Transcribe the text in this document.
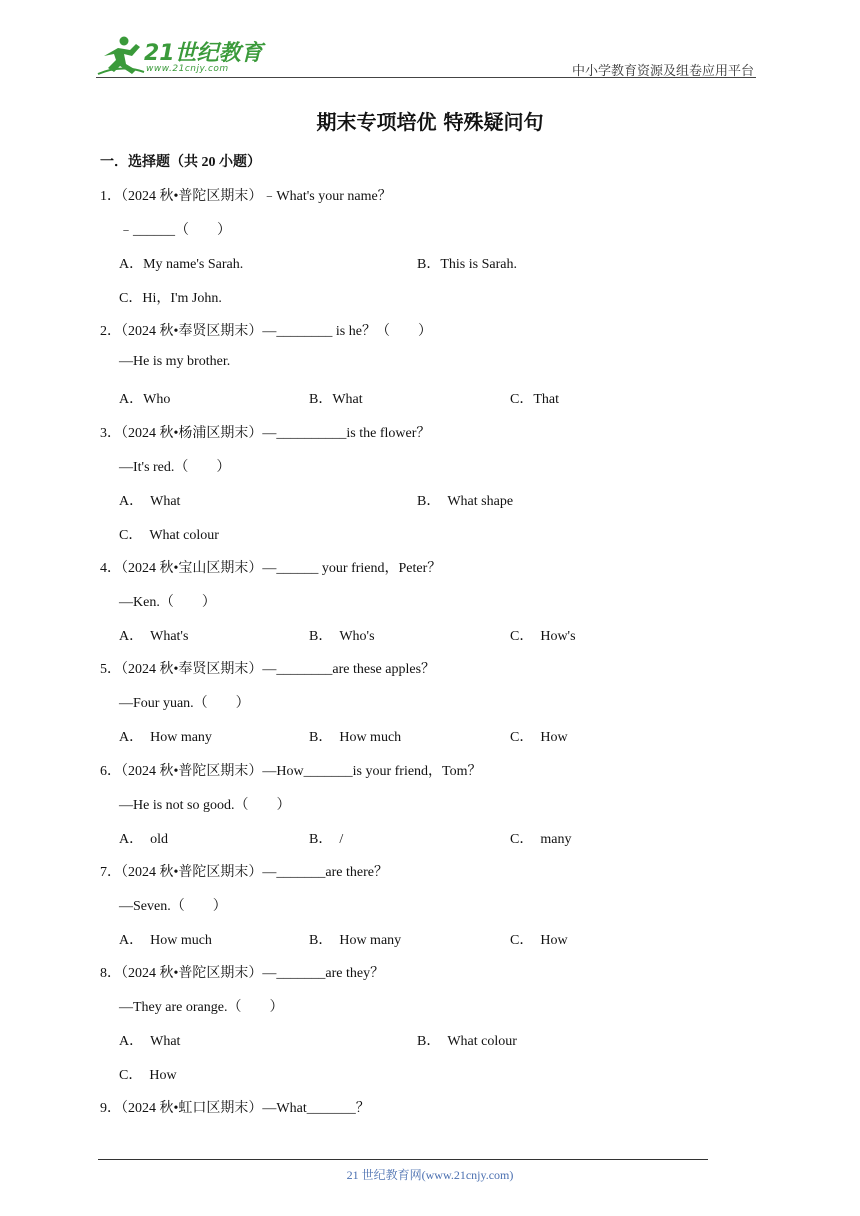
21世纪教育
www.21cnjy.com	中小学教育资源及组卷应用平台
期末专项培优 特殊疑问句
一．选择题（共 20 小题）
1．（2024 秋•普陀区期末）﹣What's your name？
﹣______（　　）
A．My name's Sarah.	B．This is Sarah.
C．Hi，I'm John.
2．（2024 秋•奉贤区期末）—________ is he？（　　）
—He is my brother.
A．Who	B．What	C．That
3．（2024 秋•杨浦区期末）—__________is the flower？
—It's red.（　　）
A．　What	B．　What shape
C．　What colour
4．（2024 秋•宝山区期末）—______ your friend，Peter？
—Ken.（　　）
A．　What's	B．　Who's	C．　How's
5．（2024 秋•奉贤区期末）—________are these apples？
—Four yuan.（　　）
A．　How many	B．　How much	C．　How
6．（2024 秋•普陀区期末）—How_______is your friend，Tom？
—He is not so good.（　　）
A．　old	B．　/	C．　many
7．（2024 秋•普陀区期末）—_______are there？
—Seven.（　　）
A．　How much	B．　How many	C．　How
8．（2024 秋•普陀区期末）—_______are they？
—They are orange.（　　）
A．　What	B．　What colour
C．　How
9．（2024 秋•虹口区期末）—What_______？
21 世纪教育网(www.21cnjy.com)
